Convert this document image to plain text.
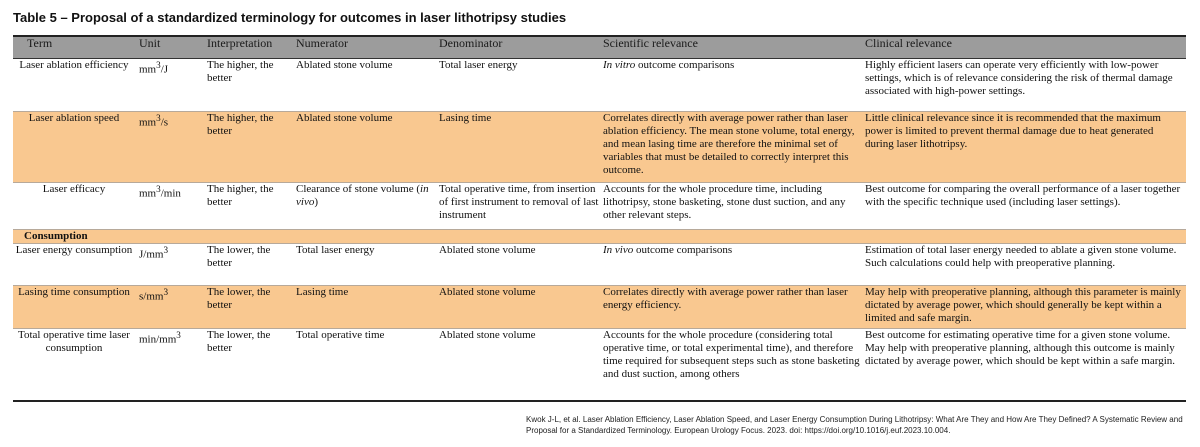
Table 5 – Proposal of a standardized terminology for outcomes in laser lithotripsy studies
Term	Unit	Interpretation	Numerator	Denominator	Scientific relevance	Clinical relevance
Laser ablation efficiency	$mm^3/J$	The higher, the better	Ablated stone volume	Total laser energy	In vitro outcome comparisons	Highly efficient lasers can operate very efficiently with low-power settings, which is of relevance considering the risk of thermal damage associated with high-power settings.
Laser ablation speed	$mm^3/s$	The higher, the better	Ablated stone volume	Lasing time	Correlates directly with average power rather than laser ablation efficiency. The mean stone volume, total energy, and mean lasing time are therefore the minimal set of variables that must be detailed to correctly interpret this outcome.	Little clinical relevance since it is recommended that the maximum power is limited to prevent thermal damage due to heat generated during laser lithotripsy.
Laser efficacy	$mm^3/\min$	The higher, the better	Clearance of stone volume (in vivo)	Total operative time, from insertion of first instrument to removal of last instrument	Accounts for the whole procedure time, including lithotripsy, stone basketing, stone dust suction, and any other relevant steps.	Best outcome for comparing the overall performance of a laser together with the specific technique used (including laser settings).
Consumption						
Laser energy consumption	$J/mm^3$	The lower, the better	Total laser energy	Ablated stone volume	In vivo outcome comparisons	Estimation of total laser energy needed to ablate a given stone volume. Such calculations could help with preoperative planning.
Lasing time consumption	$s/mm^3$	The lower, the better	Lasing time	Ablated stone volume	Correlates directly with average power rather than laser energy efficiency.	May help with preoperative planning, although this parameter is mainly dictated by average power, which should generally be kept within a limited and safe margin.
Total operative time laser consumption	$\min/mm^3$	The lower, the better	Total operative time	Ablated stone volume	Accounts for the whole procedure (considering total operative time, or total experimental time), and therefore time required for subsequent steps such as stone basketing and dust suction, among others	Best outcome for estimating operative time for a given stone volume. May help with preoperative planning, although this outcome is mainly dictated by average power, which should be kept within a safe margin.
Kwok J-L, et al. Laser Ablation Efficiency, Laser Ablation Speed, and Laser Energy Consumption During Lithotripsy: What Are They and How Are They Defined? A Systematic Review and Proposal for a Standardized Terminology. European Urology Focus. 2023. doi: https://doi.org/10.1016/j.euf.2023.10.004.
